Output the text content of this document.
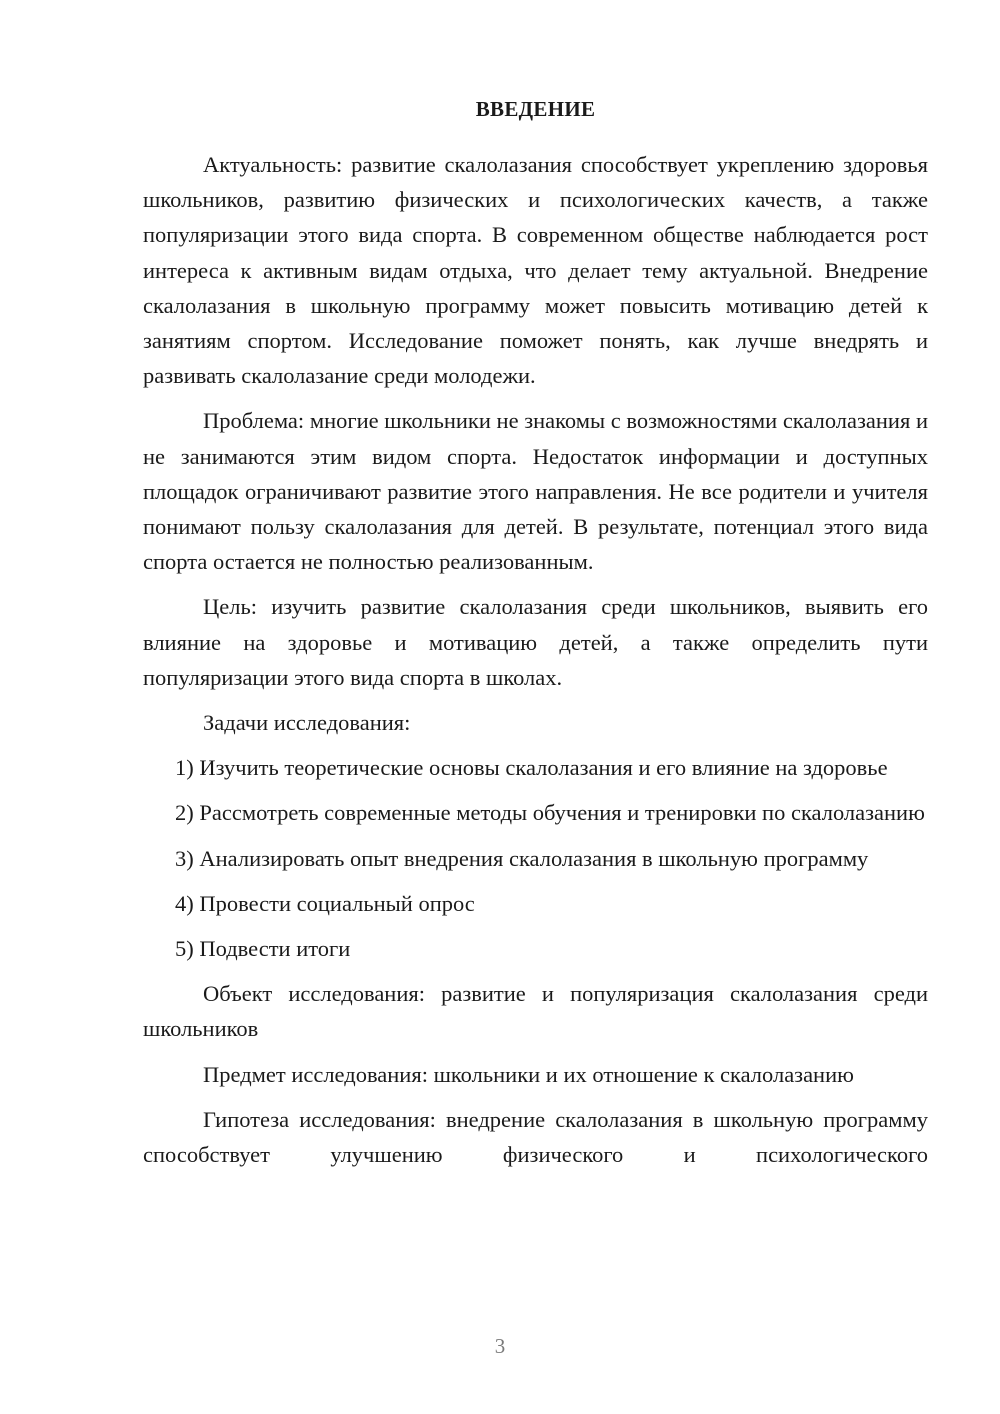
ВВЕДЕНИЕ

Актуальность: развитие скалолазания способствует укреплению здоровья школьников, развитию физических и психологических качеств, а также популяризации этого вида спорта. В современном обществе наблюдается рост интереса к активным видам отдыха, что делает тему актуальной. Внедрение скалолазания в школьную программу может повысить мотивацию детей к занятиям спортом. Исследование поможет понять, как лучше внедрять и развивать скалолазание среди молодежи.

Проблема: многие школьники не знакомы с возможностями скалолазания и не занимаются этим видом спорта. Недостаток информации и доступных площадок ограничивают развитие этого направления. Не все родители и учителя понимают пользу скалолазания для детей. В результате, потенциал этого вида спорта остается не полностью реализованным.

Цель: изучить развитие скалолазания среди школьников, выявить его влияние на здоровье и мотивацию детей, а также определить пути популяризации этого вида спорта в школах.

Задачи исследования:

1) Изучить теоретические основы скалолазания и его влияние на здоровье

2) Рассмотреть современные методы обучения и тренировки по скалолазанию

3) Анализировать опыт внедрения скалолазания в школьную программу

4) Провести социальный опрос

5) Подвести итоги

Объект исследования: развитие и популяризация скалолазания среди школьников

Предмет исследования: школьники и их отношение к скалолазанию

Гипотеза исследования: внедрение скалолазания в школьную программу способствует улучшению физического и психологического

3
